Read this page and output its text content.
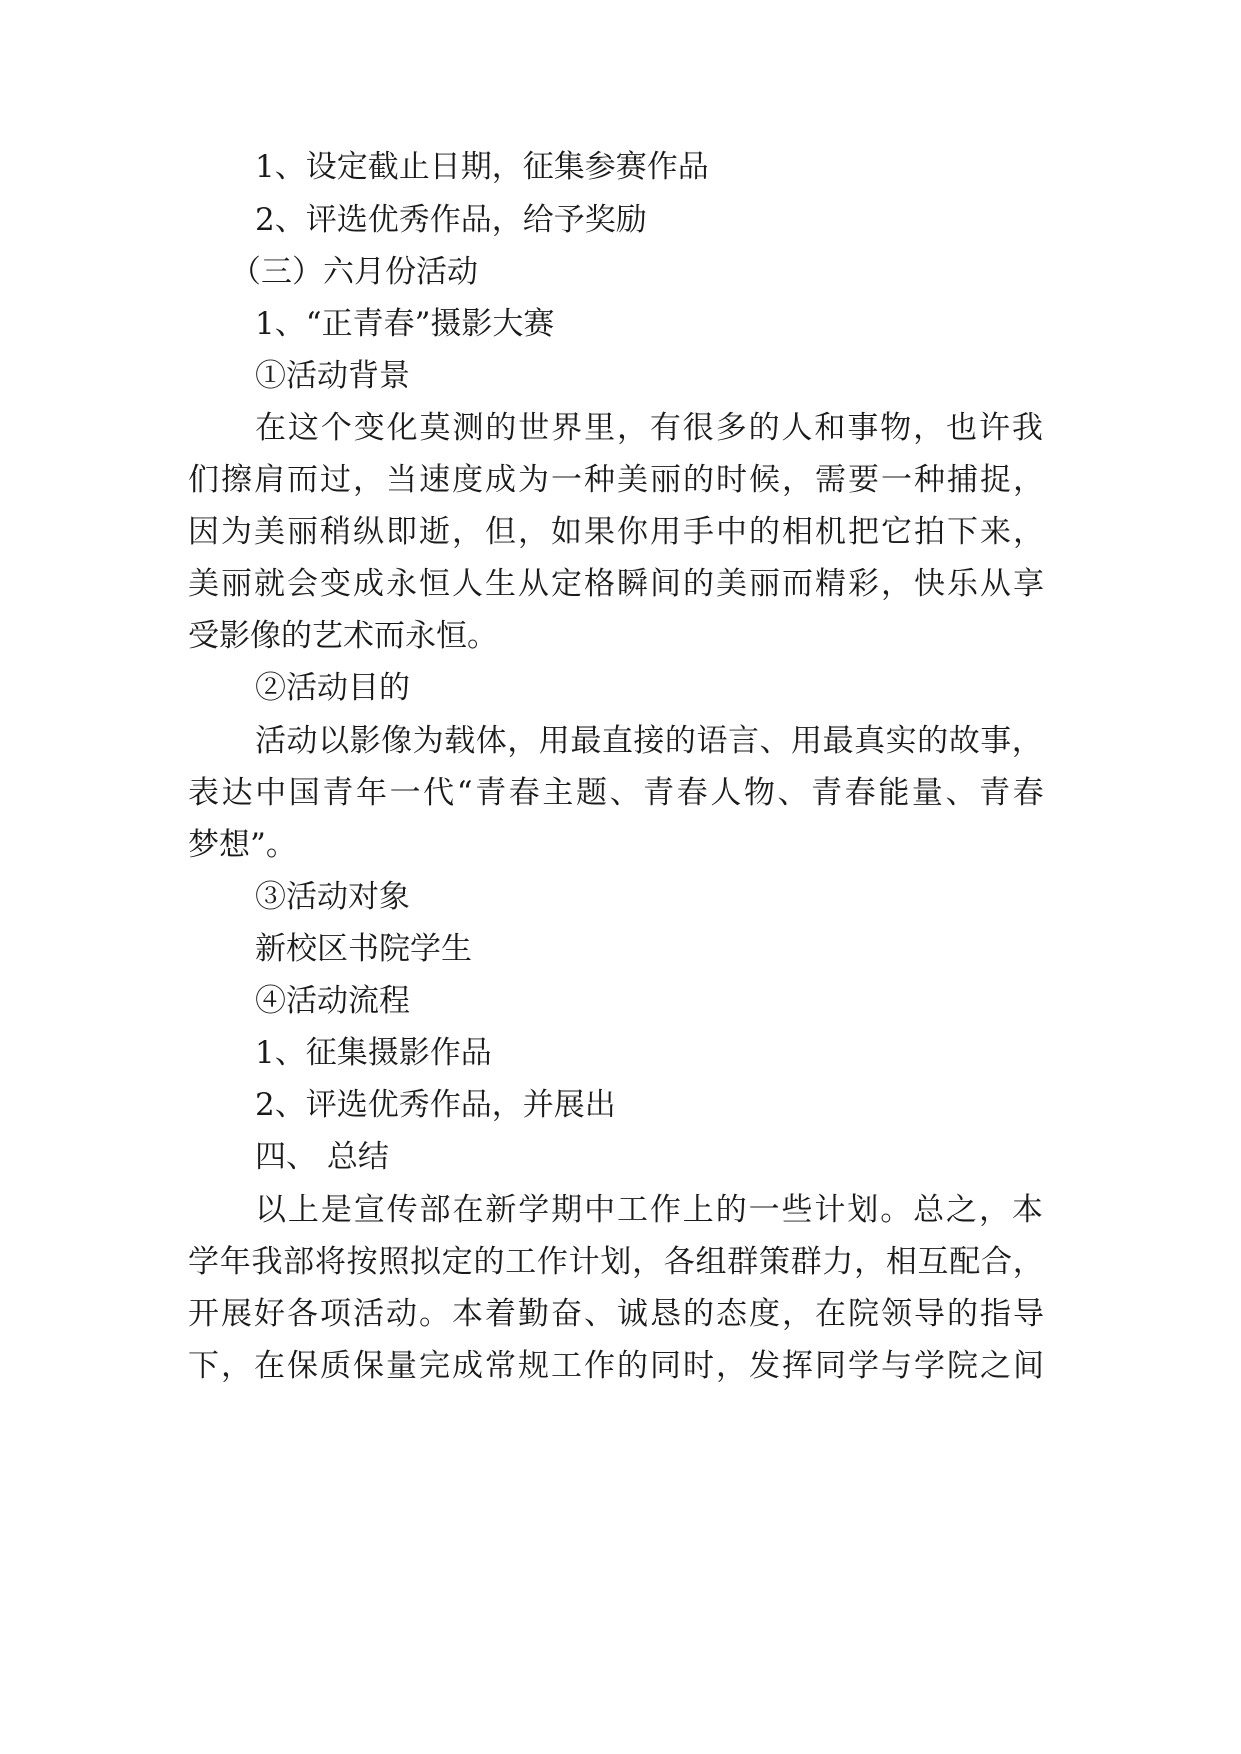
1、设定截止日期，征集参赛作品
2、评选优秀作品，给予奖励
（三）六月份活动
1、“正青春”摄影大赛
①活动背景
在 这 个 变 化 莫 测 的 世 界 里 ， 有 很 多 的 人 和 事 物 ， 也 许 我
们 擦 肩 而 过 ， 当 速 度 成 为 一 种 美 丽 的 时 候 ， 需 要 一 种 捕 捉 ，
因 为 美 丽 稍 纵 即 逝 ， 但 ， 如 果 你 用 手 中 的 相 机 把 它 拍 下 来 ，
美 丽 就 会 变 成 永 恒 人 生 从 定 格 瞬 间 的 美 丽 而 精 彩 ， 快 乐 从 享
受影像的艺术而永恒。
②活动目的
活 动 以 影 像 为 载 体 ， 用 最 直 接 的 语 言 、 用 最 真 实 的 故 事 ，
表 达 中 国 青 年 一 代 “ 青 春 主 题 、 青 春 人 物 、 青 春 能 量 、 青 春
梦想”。
③活动对象
新校区书院学生
④活动流程
1、征集摄影作品
2、评选优秀作品，并展出
四、 总结
以 上 是 宣 传 部 在 新 学 期 中 工 作 上 的 一 些 计 划 。 总 之 ， 本
学 年 我 部 将 按 照 拟 定 的 工 作 计 划 ， 各 组 群 策 群 力 ， 相 互 配 合 ，
开 展 好 各 项 活 动 。 本 着 勤 奋 、 诚 恳 的 态 度 ， 在 院 领 导 的 指 导
下 ， 在 保 质 保 量 完 成 常 规 工 作 的 同 时 ， 发 挥 同 学 与 学 院 之 间
